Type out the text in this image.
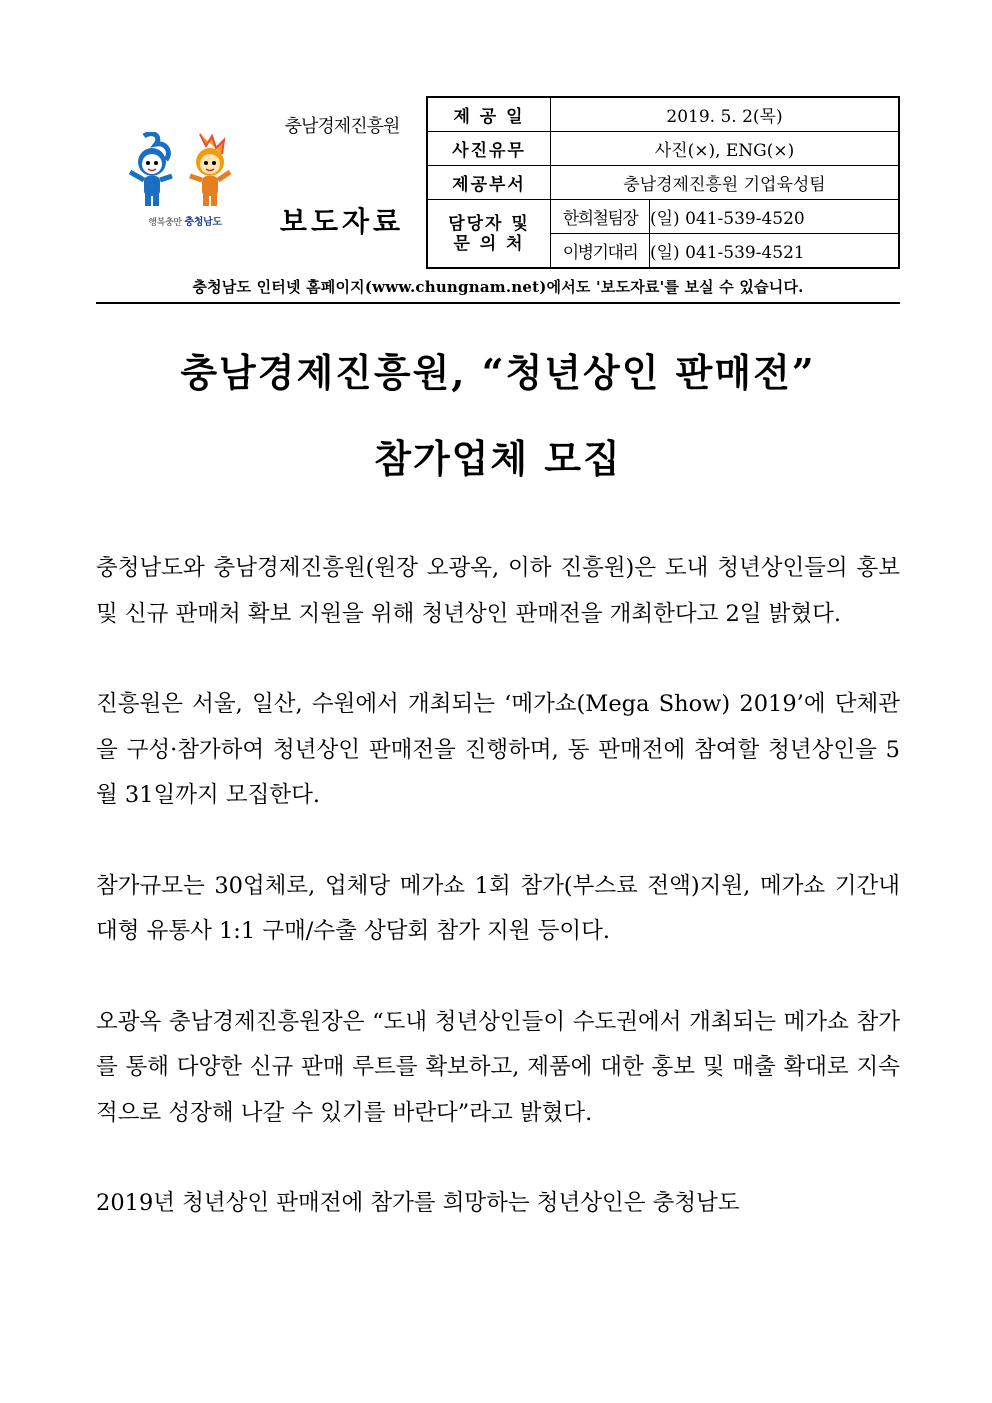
행복충만 충청남도
충남경제진흥원
보도자료
제 공 일	2019. 5. 2(목)	
사진유무	사진(×), ENG(×)	
제공부서	충남경제진흥원 기업육성팀	
담당자 및
문 의 처	한희철팀장	(일) 041-539-4520
	이병기대리	(일) 041-539-4521
충청남도 인터넷 홈페이지(www.chungnam.net)에서도 '보도자료'를 보실 수 있습니다.
충남경제진흥원, “청년상인 판매전”
참가업체 모집

충청남도와 충남경제진흥원(원장 오광옥, 이하 진흥원)은 도내 청년상인들의 홍보 및 신규 판매처 확보 지원을 위해 청년상인 판매전을 개최한다고 2일 밝혔다.

진흥원은 서울, 일산, 수원에서 개최되는 ‘메가쇼(Mega Show) 2019’에 단체관을 구성·참가하여 청년상인 판매전을 진행하며, 동 판매전에 참여할 청년상인을 5월 31일까지 모집한다.

참가규모는 30업체로, 업체당 메가쇼 1회 참가(부스료 전액)지원, 메가쇼 기간내 대형 유통사 1:1 구매/수출 상담회 참가 지원 등이다.

오광옥 충남경제진흥원장은 “도내 청년상인들이 수도권에서 개최되는 메가쇼 참가를 통해 다양한 신규 판매 루트를 확보하고, 제품에 대한 홍보 및 매출 확대로 지속적으로 성장해 나갈 수 있기를 바란다”라고 밝혔다.

2019년 청년상인 판매전에 참가를 희망하는 청년상인은 충청남도
